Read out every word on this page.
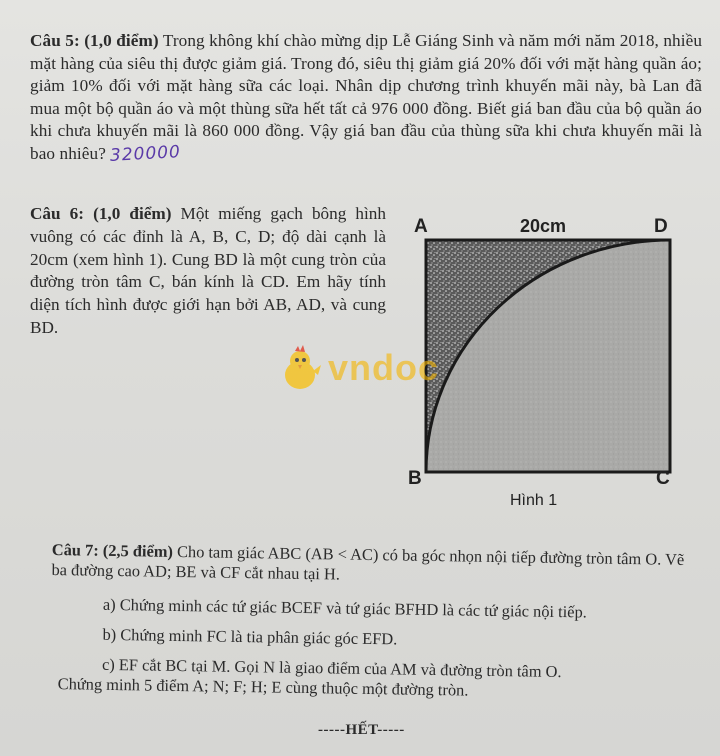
Câu 5: (1,0 điểm) Trong không khí chào mừng dịp Lễ Giáng Sinh và năm mới năm 2018, nhiều mặt hàng của siêu thị được giảm giá. Trong đó, siêu thị giảm giá 20% đối với mặt hàng quần áo; giảm 10% đối với mặt hàng sữa các loại. Nhân dịp chương trình khuyến mãi này, bà Lan đã mua một bộ quần áo và một thùng sữa hết tất cả 976 000 đồng. Biết giá ban đầu của bộ quần áo khi chưa khuyến mãi là 860 000 đồng. Vậy giá ban đầu của thùng sữa khi chưa khuyến mãi là bao nhiêu? 320000
Câu 6: (1,0 điểm) Một miếng gạch bông hình vuông có các đỉnh là A, B, C, D; độ dài cạnh là 20cm (xem hình 1). Cung BD là một cung tròn của đường tròn tâm C, bán kính là CD. Em hãy tính diện tích hình được giới hạn bởi AB, AD, và cung BD.
A	D
20cm
B	C
Hình 1
vndoc
Câu 7: (2,5 điểm) Cho tam giác ABC (AB < AC) có ba góc nhọn nội tiếp đường tròn tâm O. Vẽ ba đường cao AD; BE và CF cắt nhau tại H.
a) Chứng minh các tứ giác BCEF và tứ giác BFHD là các tứ giác nội tiếp.
b) Chứng minh FC là tia phân giác góc EFD.
c) EF cắt BC tại M. Gọi N là giao điểm của AM và đường tròn tâm O.
Chứng minh 5 điểm A; N; F; H; E cùng thuộc một đường tròn.
-----HẾT-----
